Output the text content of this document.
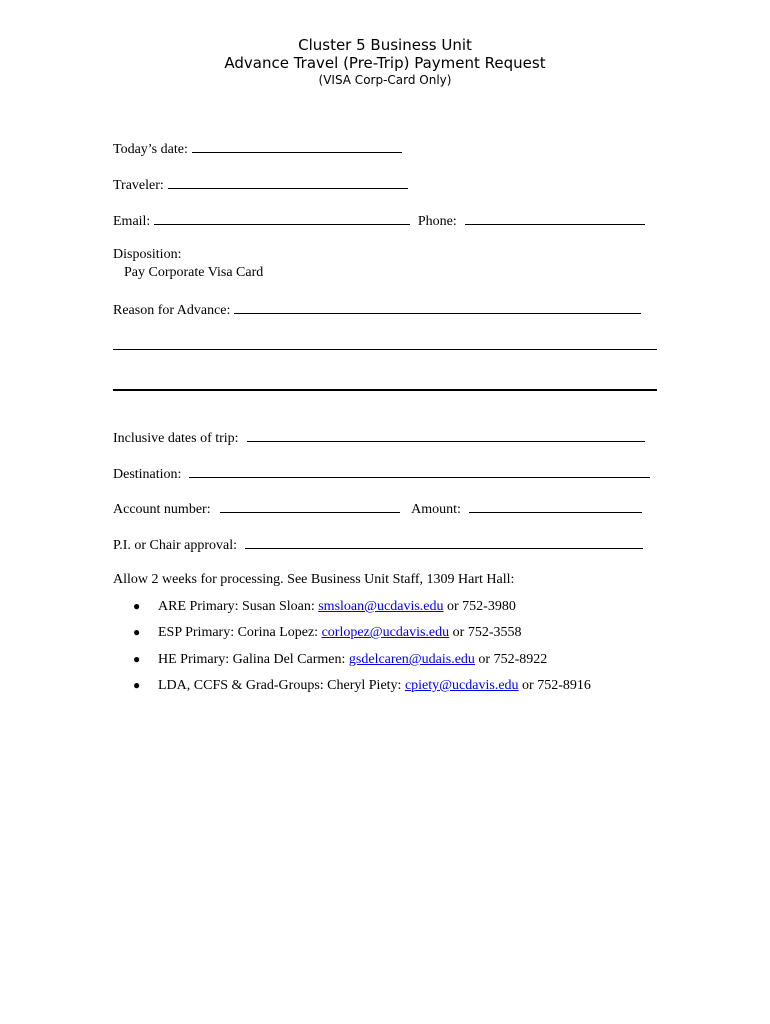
Cluster 5 Business Unit
Advance Travel (Pre-Trip) Payment Request
(VISA Corp-Card Only)
Today’s date:
Traveler:
Email:	Phone:
Disposition:
Pay Corporate Visa Card
Reason for Advance:
Inclusive dates of trip:
Destination:
Account number:	Amount:
P.I. or Chair approval:
Allow 2 weeks for processing. See Business Unit Staff, 1309 Hart Hall:
● ARE Primary: Susan Sloan: smsloan@ucdavis.edu or 752-3980
● ESP Primary: Corina Lopez: corlopez@ucdavis.edu or 752-3558
● HE Primary: Galina Del Carmen: gsdelcaren@udais.edu or 752-8922
● LDA, CCFS & Grad-Groups: Cheryl Piety: cpiety@ucdavis.edu or 752-8916
